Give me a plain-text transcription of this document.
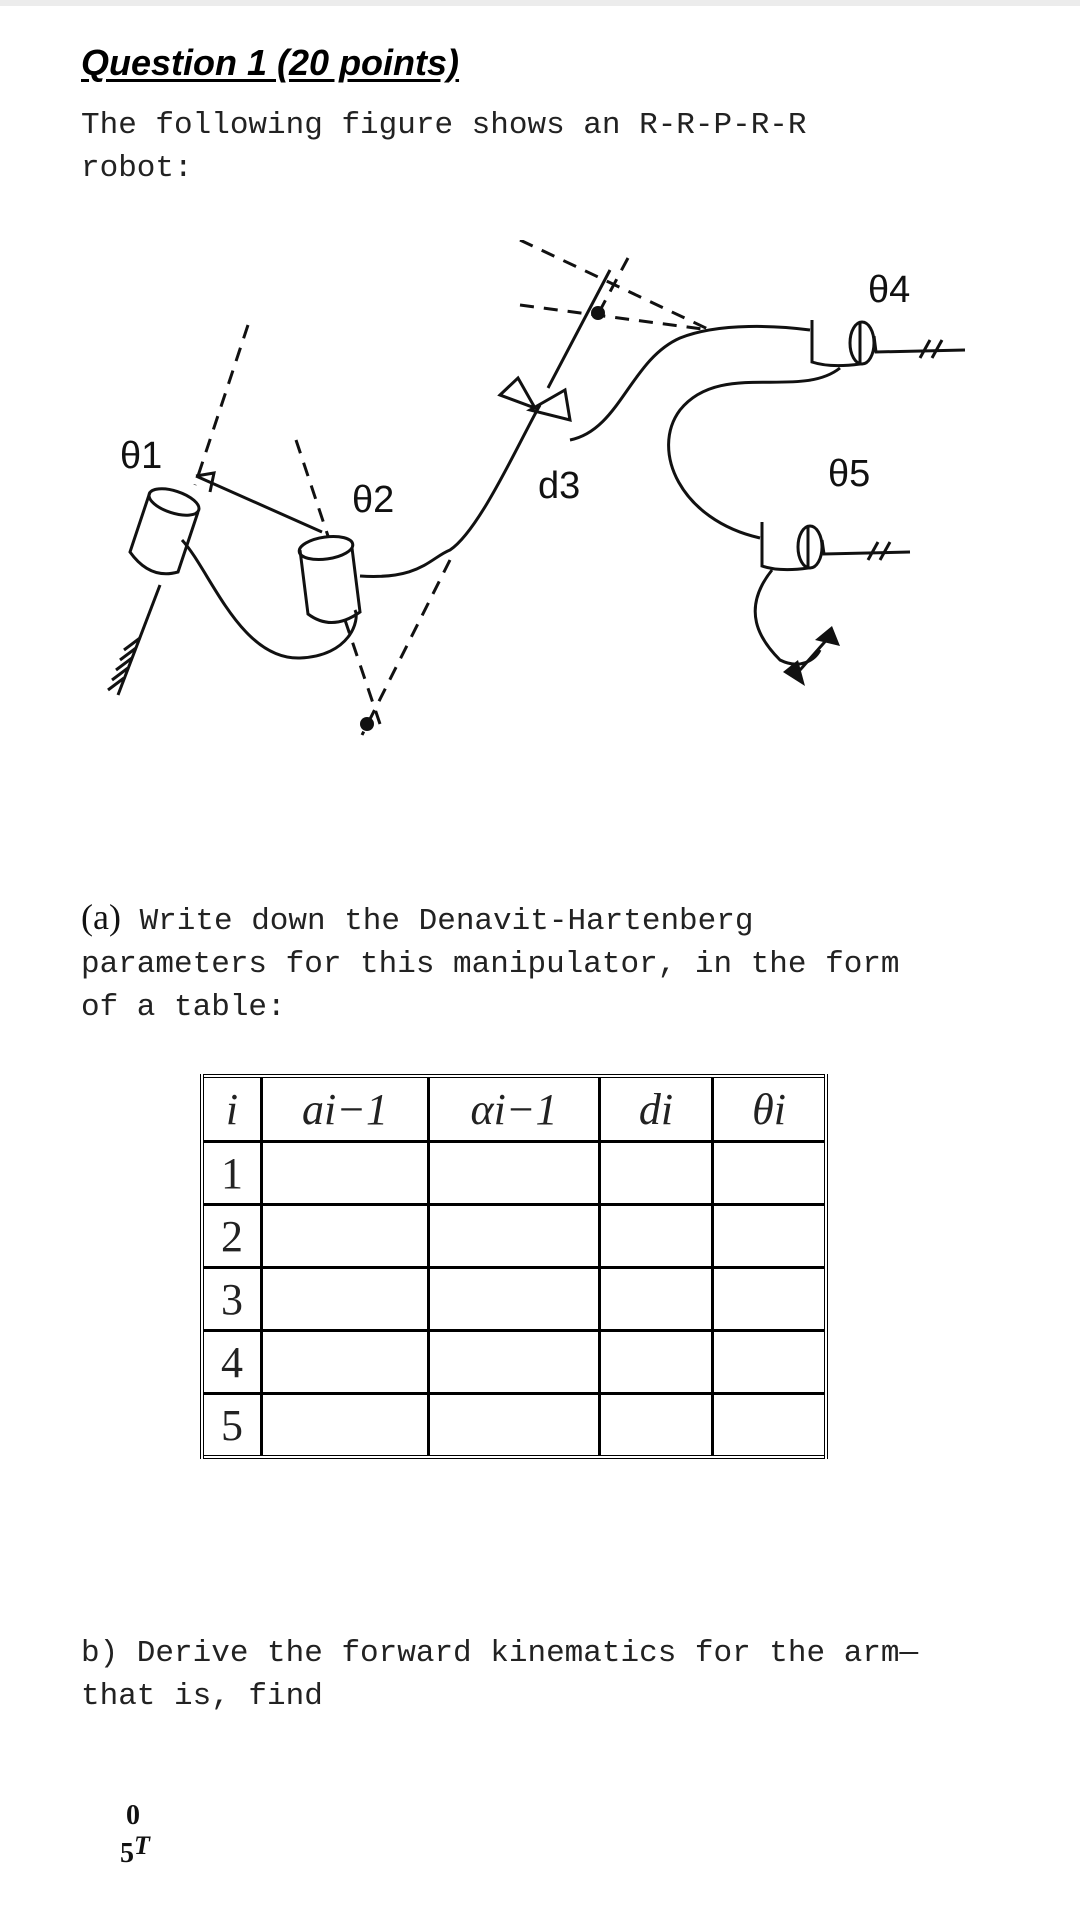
Question 1 (20 points)
The following figure shows an R-R-P-R-R
robot:
θ1
θ2	d3
θ4
θ5
(a) Write down the Denavit-Hartenberg
parameters for this manipulator, in the form
of a table:
i	ai−1	αi−1	di	θi
1				
2				
3				
4				
5				
b) Derive the forward kinematics for the arm—
that is, find
0
5T
